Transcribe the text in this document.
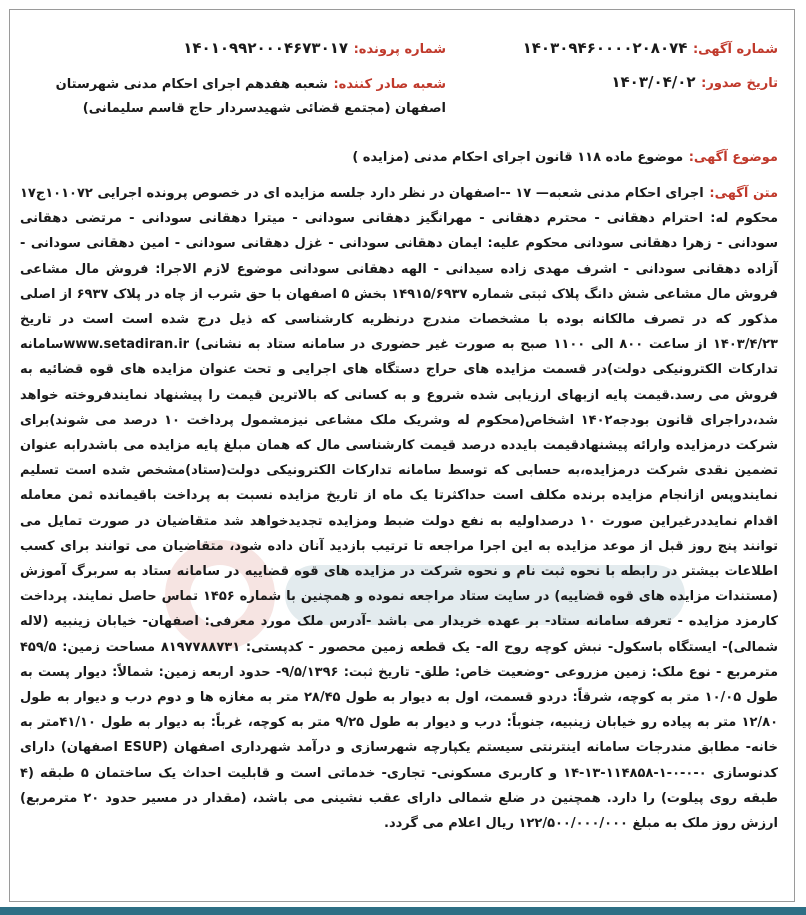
شماره آگهی: ۱۴۰۳۰۹۴۶۰۰۰۰۲۰۸۰۷۴
شماره پرونده: ۱۴۰۱۰۹۹۲۰۰۰۴۶۷۳۰۱۷
تاریخ صدور: ۱۴۰۳/۰۴/۰۲
شعبه صادر کننده: شعبه هفدهم اجرای احکام مدنی شهرستان اصفهان (مجتمع قضائی شهیدسردار حاج قاسم سلیمانی)
موضوع آگهی: موضوع ماده ۱۱۸ قانون اجرای احکام مدنی (مزایده )
متن آگهی: اجرای احکام مدنی شعبه— ۱۷ --اصفهان در نظر دارد جلسه مزایده ای در خصوص پرونده اجرایی ۱۰۱۰۷۲ج۱۷ محکوم له: احترام دهقانی - محترم دهقانی - مهرانگیز دهقانی سودانی - میترا دهقانی سودانی - مرتضی دهقانی سودانی - زهرا دهقانی سودانی محکوم علیه: ایمان دهقانی سودانی - غزل دهقانی سودانی - امین دهقانی سودانی - آزاده دهقانی سودانی - اشرف مهدی زاده سیدانی - الهه دهقانی سودانی موضوع لازم الاجرا: فروش مال مشاعی فروش مال مشاعی شش دانگ پلاک ثبتی شماره ۱۴۹۱۵/۶۹۳۷ بخش ۵ اصفهان با حق شرب از چاه در پلاک ۶۹۳۷ از اصلی مذکور که در تصرف مالکانه بوده با مشخصات مندرج درنظریه کارشناسی که ذیل درج شده است است در تاریخ ۱۴۰۳/۴/۲۳ از ساعت ۸۰۰ الی ۱۱۰۰ صبح به صورت غیر حضوری در سامانه ستاد به نشانی) www.setadiran.irسامانه تدارکات الکترونیکی دولت)در قسمت مزایده های حراج دستگاه های اجرایی و تحت عنوان مزایده های قوه قضائیه به فروش می رسد.قیمت پایه ازبهای ارزیابی شده شروع و به کسانی که بالاترین قیمت را پیشنهاد نمایندفروخته خواهد شد،دراجرای قانون بودجه۱۴۰۲ اشخاص(محکوم له وشریک ملک مشاعی نیزمشمول پرداخت ۱۰ درصد می شوند)برای شرکت درمزایده وارائه پیشنهادقیمت بایدده درصد قیمت کارشناسی مال که همان مبلغ پایه مزایده می باشدرابه عنوان تضمین نقدی شرکت درمزایده،به حسابی که توسط سامانه تدارکات الکترونیکی دولت(ستاد)مشخص شده است تسلیم نمایندوپس ازانجام مزایده برنده مکلف است حداکثرتا یک ماه از تاریخ مزایده نسبت به پرداخت باقیمانده ثمن معامله اقدام نمایددرغیراین صورت ۱۰ درصداولیه به نفع دولت ضبط ومزایده تجدیدخواهد شد متقاضیان در صورت تمایل می توانند پنج روز قبل از موعد مزایده به این اجرا مراجعه تا ترتیب بازدید آنان داده شود، متقاضیان می توانند برای کسب اطلاعات بیشتر در رابطه با نحوه ثبت نام و نحوه شرکت در مزایده های قوه قضاییه در سامانه ستاد به سربرگ آموزش (مستندات مزایده های قوه قضاییه) در سایت ستاد مراجعه نموده و همچنین با شماره ۱۴۵۶ تماس حاصل نمایند. پرداخت کارمزد مزایده - تعرفه سامانه ستاد- بر عهده خریدار می باشد -آدرس ملک مورد معرفی: اصفهان- خیابان زینبیه (لاله شمالی)- ایستگاه باسکول- نبش کوچه روح اله- یک قطعه زمین محصور - کدپستی: ۸۱۹۷۷۸۸۷۳۱ مساحت زمین: ۴۵۹/۵ مترمربع - نوع ملک: زمین مزروعی -وضعیت خاص: طلق- تاریخ ثبت: ۹/۵/۱۳۹۶- حدود اربعه زمین: شمالاً: دیوار پست به طول ۱۰/۰۵ متر به کوچه، شرقاً: دردو قسمت، اول به دیوار به طول ۲۸/۴۵ متر به مغازه ها و دوم درب و دیوار به طول ۱۲/۸۰ متر به پیاده رو خیابان زینبیه، جنوباً: درب و دیوار به طول ۹/۲۵ متر به کوچه، غرباً: به دیوار به طول ۴۱/۱۰متر به خانه- مطابق مندرجات سامانه اینترنتی سیستم یکپارچه شهرسازی و درآمد شهرداری اصفهان (ESUP اصفهان) دارای کدنوسازی ۰-۰-۰-۱-۱۱۴۸۵۸-۱۳-۱۴ و کاربری مسکونی- تجاری- خدماتی است و قابلیت احداث یک ساختمان ۵ طبقه (۴ طبقه روی پیلوت) را دارد. همچنین در ضلع شمالی دارای عقب نشینی می باشد، (مقدار در مسیر حدود ۲۰ مترمربع) ارزش روز ملک به مبلغ ۱۲۲/۵۰۰/۰۰۰/۰۰۰ ریال اعلام می گردد.
